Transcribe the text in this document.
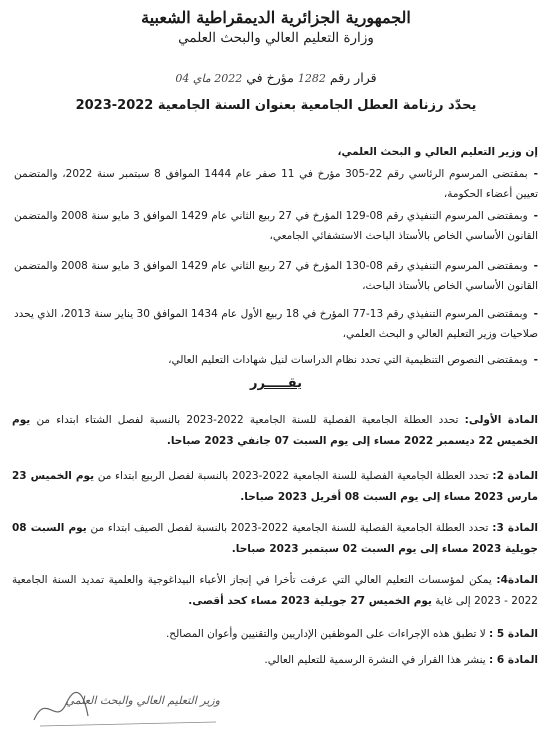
الجمهورية الجزائرية الديمقراطية الشعبية
وزارة التعليم العالي والبحث العلمي
قرار رقم 1282 مؤرخ في 2022 ماي 04
يحدّد رزنامة العطل الجامعية بعنوان السنة الجامعية 2022-2023
إن وزير التعليم العالي و البحث العلمي،
-بمقتضى المرسوم الرئاسي رقم 22-305 مؤرخ في 11 صفر عام 1444 الموافق 8 سبتمبر سنة 2022، والمتضمن تعيين أعضاء الحكومة،
-وبمقتضى المرسوم التنفيذي رقم 08-129 المؤرخ في 27 ربيع الثاني عام 1429 الموافق 3 مايو سنة 2008 والمتضمن القانون الأساسي الخاص بالأستاذ الباحث الاستشفائي الجامعي،
-وبمقتضى المرسوم التنفيذي رقم 08-130 المؤرخ في 27 ربيع الثاني عام 1429 الموافق 3 مايو سنة 2008 والمتضمن القانون الأساسي الخاص بالأستاذ الباحث،
-وبمقتضى المرسوم التنفيذي رقم 13-77 المؤرخ في 18 ربيع الأول عام 1434 الموافق 30 يناير سنة 2013، الذي يحدد صلاحيات وزير التعليم العالي و البحث العلمي،
-وبمقتضى النصوص التنظيمية التي تحدد نظام الدراسات لنيل شهادات التعليم العالي،
يقـــــرر
المادة الأولى: تحدد العطلة الجامعية الفصلية للسنة الجامعية 2022-2023 بالنسبة لفصل الشتاء ابتداء من يوم الخميس 22 ديسمبر 2022 مساء إلى يوم السبت 07 جانفي 2023 صباحا.
المادة 2: تحدد العطلة الجامعية الفصلية للسنة الجامعية 2022-2023 بالنسبة لفصل الربيع ابتداء من يوم الخميس 23 مارس 2023 مساء إلى يوم السبت 08 أفريل 2023 صباحا.
المادة 3: تحدد العطلة الجامعية الفصلية للسنة الجامعية 2022-2023 بالنسبة لفصل الصيف ابتداء من يوم السبت 08 جويلية 2023 مساء إلى يوم السبت 02 سبتمبر 2023 صباحا.
المادة4: يمكن لمؤسسات التعليم العالي التي عرفت تأخرا في إنجاز الأعباء البيداغوجية والعلمية تمديد السنة الجامعية 2022 - 2023 إلى غاية يوم الخميس 27 جويلية 2023 مساء كحد أقصى.
المادة 5 : لا تطبق هذه الإجراءات على الموظفين الإداريين والتقنيين وأعوان المصالح.
المادة 6 : ينشر هذا القرار في النشرة الرسمية للتعليم العالي.
وزير التعليم العالي والبحث العلمي
